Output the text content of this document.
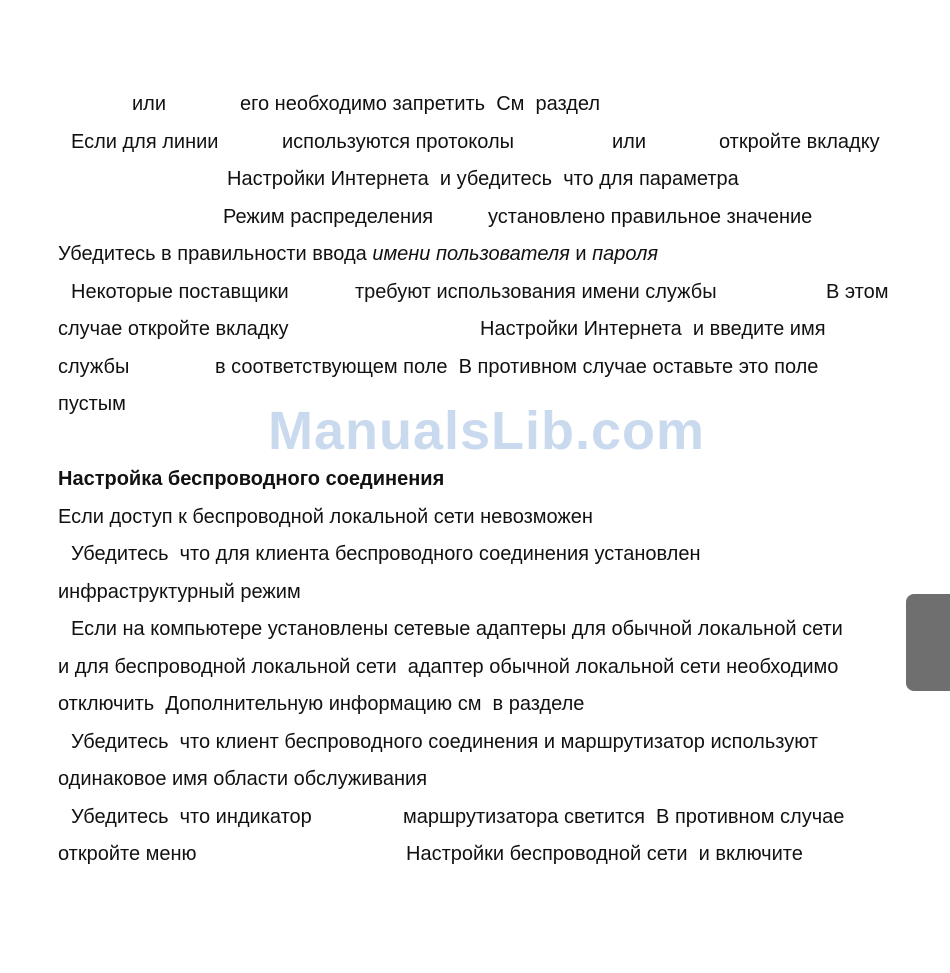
или	его необходимо запретить  См  раздел
Если для линии	используются протоколы	или	откройте вкладку
Настройки Интернета  и убедитесь  что для параметра
Режим распределения	установлено правильное значение
Убедитесь в правильности ввода имени пользователя и пароля
Некоторые поставщики	требуют использования имени службы	В этом
случае откройте вкладку	Настройки Интернета  и введите имя
службы	в соответствующем поле  В противном случае оставьте это поле
пустым	ManualsLib.com
Настройка беспроводного соединения
Если доступ к беспроводной локальной сети невозможен
Убедитесь  что для клиента беспроводного соединения установлен
инфраструктурный режим
Если на компьютере установлены сетевые адаптеры для обычной локальной сети
и для беспроводной локальной сети  адаптер обычной локальной сети необходимо
отключить  Дополнительную информацию см  в разделе
Убедитесь  что клиент беспроводного соединения и маршрутизатор используют
одинаковое имя области обслуживания
Убедитесь  что индикатор	маршрутизатора светится  В противном случае
откройте меню	Настройки беспроводной сети  и включите
